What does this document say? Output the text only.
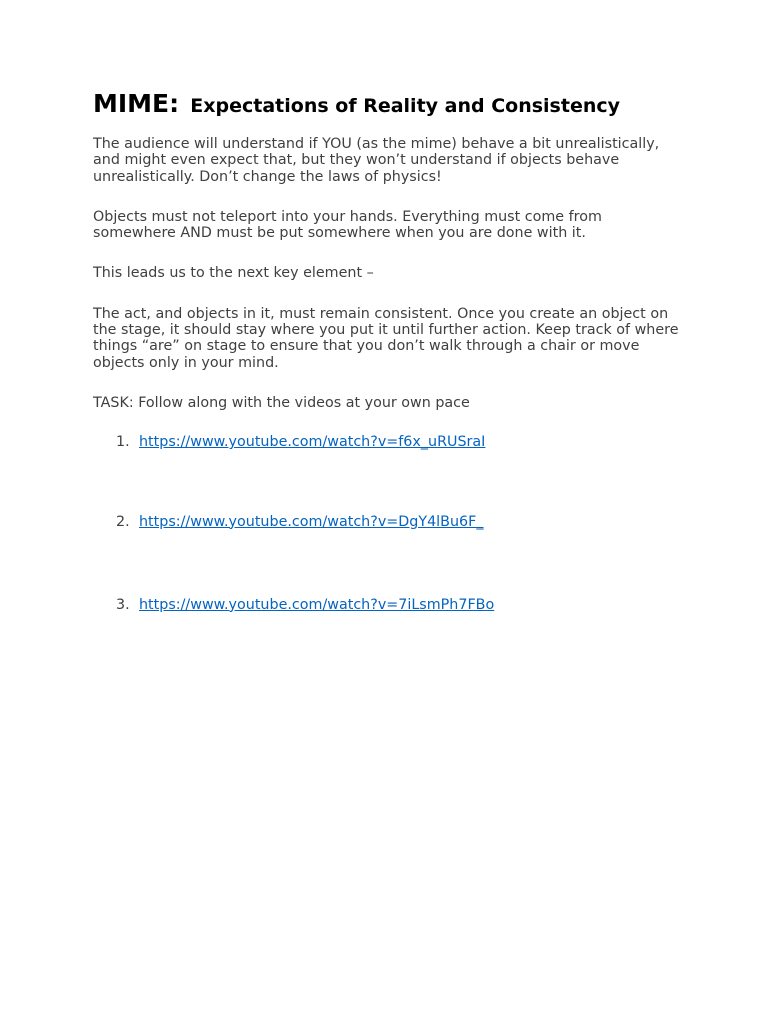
MIME: Expectations of Reality and Consistency

The audience will understand if YOU (as the mime) behave a bit unrealistically, and might even expect that, but they won’t understand if objects behave unrealistically. Don’t change the laws of physics!

Objects must not teleport into your hands. Everything must come from somewhere AND must be put somewhere when you are done with it.

This leads us to the next key element –

The act, and objects in it, must remain consistent. Once you create an object on the stage, it should stay where you put it until further action. Keep track of where things “are” on stage to ensure that you don’t walk through a chair or move objects only in your mind.

TASK: Follow along with the videos at your own pace

1. https://www.youtube.com/watch?v=f6x_uRUSraI
2. https://www.youtube.com/watch?v=DgY4lBu6F_
3. https://www.youtube.com/watch?v=7iLsmPh7FBo
